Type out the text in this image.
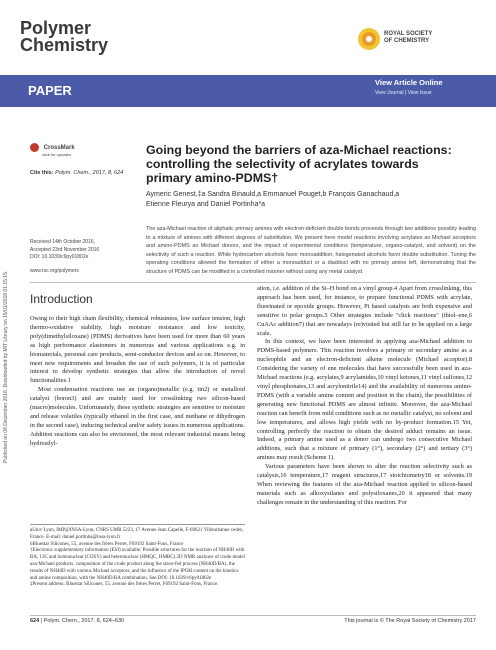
Polymer
Chemistry
ROYAL SOCIETY
OF CHEMISTRY
PAPER
View Article Online
View Journal | View Issue
Published on 08 December 2016. Downloaded by MIT Library on 15/01/2018 01:15:15.
CrossMark
click for updates
Cite this: Polym. Chem., 2017, 8, 624
Going beyond the barriers of aza-Michael reactions: controlling the selectivity of acrylates towards primary amino-PDMS†
Aymeric Genest,‡a Sandra Binauld,a Emmanuel Pouget,b François Ganachaud,a
Etienne Fleurya and Daniel Portinha*a
Received 14th October 2016,
Accepted 23rd November 2016
DOI: 10.1039/c6py01802e
www.rsc.org/polymers
The aza-Michael reaction of aliphatic primary amines with electron-deficient double bonds proceeds through two additions possibly leading to a mixture of amines with different degrees of substitution. We present here model reactions involving acrylates as Michael acceptors and amino-PDMS as Michael donors, and the impact of experimental conditions (temperature, organo-catalyst, and solvent) on the selectivity of such a reaction. While hydrocarbon alcohols favor monoaddition, halogenated alcohols favor double substitution. Tuning the operating conditions allowed the formation of either a monoadduct or a diadduct with no primary amine left, demonstrating that the structure of PDMS can be modified in a controlled manner without using any metal catalyst.
Introduction

Owing to their high chain flexibility, chemical robustness, low surface tension, high thermo-oxidative stability, high moisture resistance and low toxicity, poly(dimethylsiloxane) (PDMS) derivatives have been used for more than 60 years as high performance elastomers in numerous and various applications e.g. in biomaterials, personal care products, semi-conductor devices and so on. However, to meet new requirements and broaden the use of such polymers, it is of particular interest to develop synthetic strategies that allow the introduction of novel functionalities.1

Most condensation reactions use an (organo)metallic (e.g. tin2) or metalloid catalyst (boron3) and are mainly used for crosslinking two silicon-based (macro)molecules. Unfortunately, these synthetic strategies are sensitive to moisture and release volatiles (typically ethanol in the first case, and methane or dihydrogen in the second case), inducing technical and/or safety issues in numerous applications. Addition reactions can also be envisioned, the most relevant industrial means being hydrosilyl-

ation, i.e. addition of the Si–H bond on a vinyl group.4 Apart from crosslinking, this approach has been used, for instance, to prepare functional PDMS with acrylate, fluorinated or epoxide groups. However, Pt based catalysts are both expensive and sensitive to polar groups.5 Other strategies include "click reactions" (thiol–ene,6 CuAAc addition7) that are nowadays (re)visited but still far to be applied on a large scale.

In this context, we have been interested in applying aza-Michael addition to PDMS-based polymers. This reaction involves a primary or secondary amine as a nucleophile and an electron-deficient alkene molecule (Michael acceptor).8 Considering the variety of ene molecules that have successfully been used in aza-Michael reactions (e.g. acrylates,9 acrylamides,10 vinyl ketones,11 vinyl sulfones,12 vinyl phosphonates,13 and acrylonitrile14) and the availability of numerous amino-PDMS (with a variable amine content and position in the chain), the possibilities of generating new functional PDMS are almost infinite. Moreover, the aza-Michael reaction can benefit from mild conditions such as no metallic catalyst, no solvent and low temperatures, and allows high yields with no by-product formation.15 Yet, controlling perfectly the reaction to obtain the desired adduct remains an issue. Indeed, a primary amine used as a donor can undergo two consecutive Michael additions, such that a mixture of primary (1°), secondary (2°) and tertiary (3°) amines may result (Scheme 1).

Various parameters have been shown to alter the reaction selectivity such as catalysts,16 temperature,17 reagent structures,17 stoichiometry18 or solvents.19 When reviewing the features of the aza-Michael reaction applied to silicon-based materials such as alkoxysilanes and polysiloxanes,20 it appeared that many challenges remain in the understanding of this reaction. For

aUniv Lyon, IMP@INSA-Lyon, CNRS UMR 5223, 17 Avenue Jean Capelle, F-69621 Villeurbanne cedex, France. E-mail: daniel.portinha@insa-lyon.fr
bBluestar Silicones, 55, avenue des frères Perret, F69192 Saint-Fons, France
†Electronic supplementary information (ESI) available: Possible structures for the reaction of NH40D with BA, 13C and homonuclear (COSY) and heteronuclear (HMQC, HMBC) 2D NMR analyses of crude model aza-Michael products, composition of the crude product along the stave-fed process (NH40D/BA), the results of NH40D with various Michael acceptors, and the influence of the IPOH content on the kinetics and amine composition, with the NH40D/BA combination. See DOI: 10.1039/c6py01802e
‡Present address: Bluestar Silicones, 55, avenue des frères Perret, F69192 Saint-Fons, France.
624 | Polym. Chem., 2017, 8, 624–630	This journal is © The Royal Society of Chemistry 2017
